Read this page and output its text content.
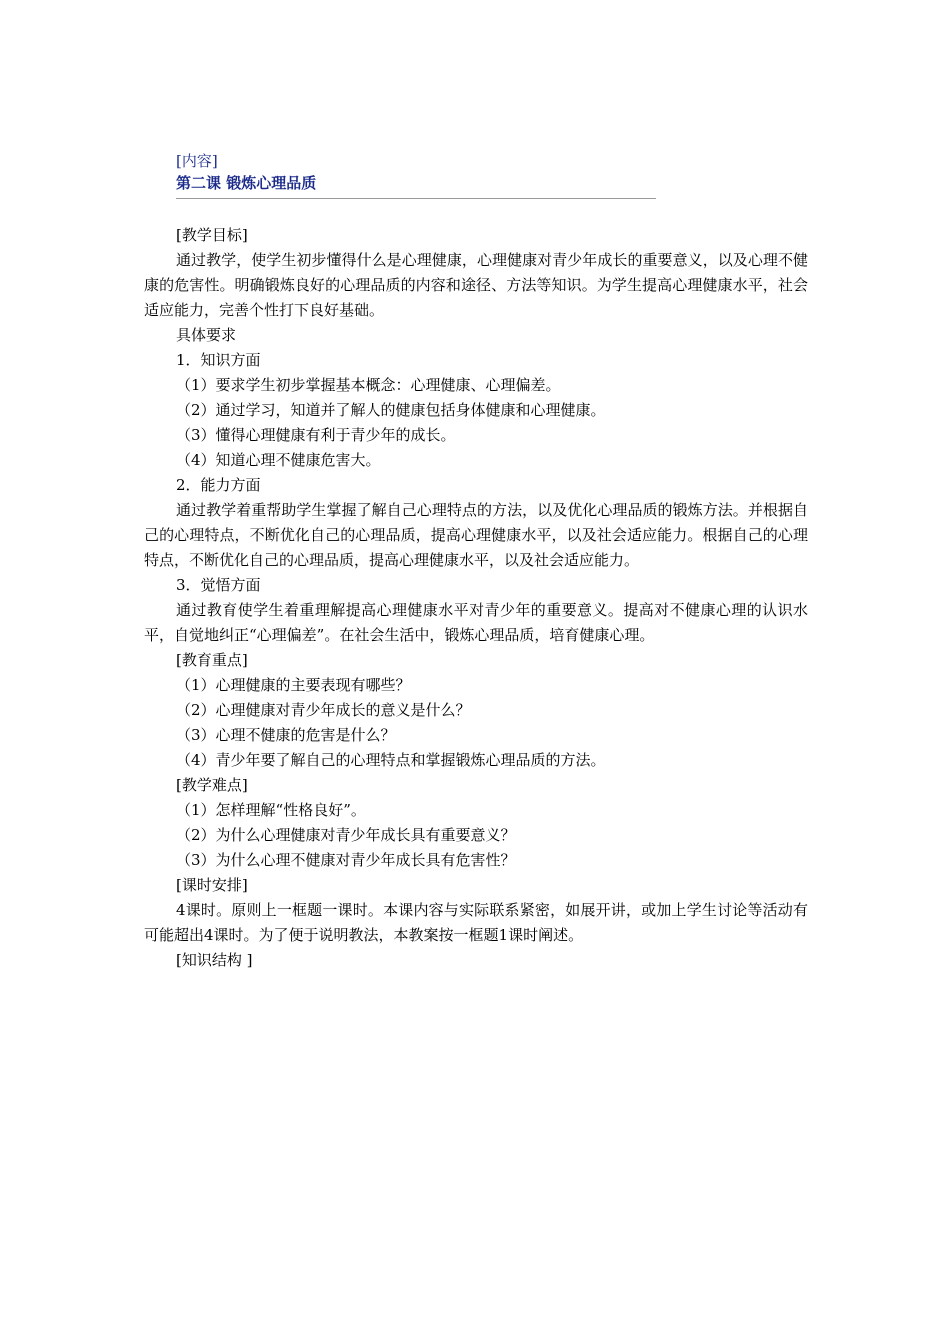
[内容]
第二课 锻炼心理品质

[教学目标]

通过教学，使学生初步懂得什么是心理健康，心理健康对青少年成长的重要意义，以及心理不健康的危害性。明确锻炼良好的心理品质的内容和途径、方法等知识。为学生提高心理健康水平，社会适应能力，完善个性打下良好基础。

具体要求

1．知识方面

（1）要求学生初步掌握基本概念：心理健康、心理偏差。

（2）通过学习，知道并了解人的健康包括身体健康和心理健康。

（3）懂得心理健康有利于青少年的成长。

（4）知道心理不健康危害大。

2．能力方面

通过教学着重帮助学生掌握了解自己心理特点的方法，以及优化心理品质的锻炼方法。并根据自己的心理特点，不断优化自己的心理品质，提高心理健康水平，以及社会适应能力。根据自己的心理特点，不断优化自己的心理品质，提高心理健康水平，以及社会适应能力。

3．觉悟方面

通过教育使学生着重理解提高心理健康水平对青少年的重要意义。提高对不健康心理的认识水平，自觉地纠正“心理偏差”。在社会生活中，锻炼心理品质，培育健康心理。

[教育重点]

（1）心理健康的主要表现有哪些？

（2）心理健康对青少年成长的意义是什么？

（3）心理不健康的危害是什么？

（4）青少年要了解自己的心理特点和掌握锻炼心理品质的方法。

[教学难点]

（1）怎样理解“性格良好”。

（2）为什么心理健康对青少年成长具有重要意义？

（3）为什么心理不健康对青少年成长具有危害性？

[课时安排]

4课时。原则上一框题一课时。本课内容与实际联系紧密，如展开讲，或加上学生讨论等活动有可能超出4课时。为了便于说明教法，本教案按一框题1课时阐述。

[知识结构 ]
